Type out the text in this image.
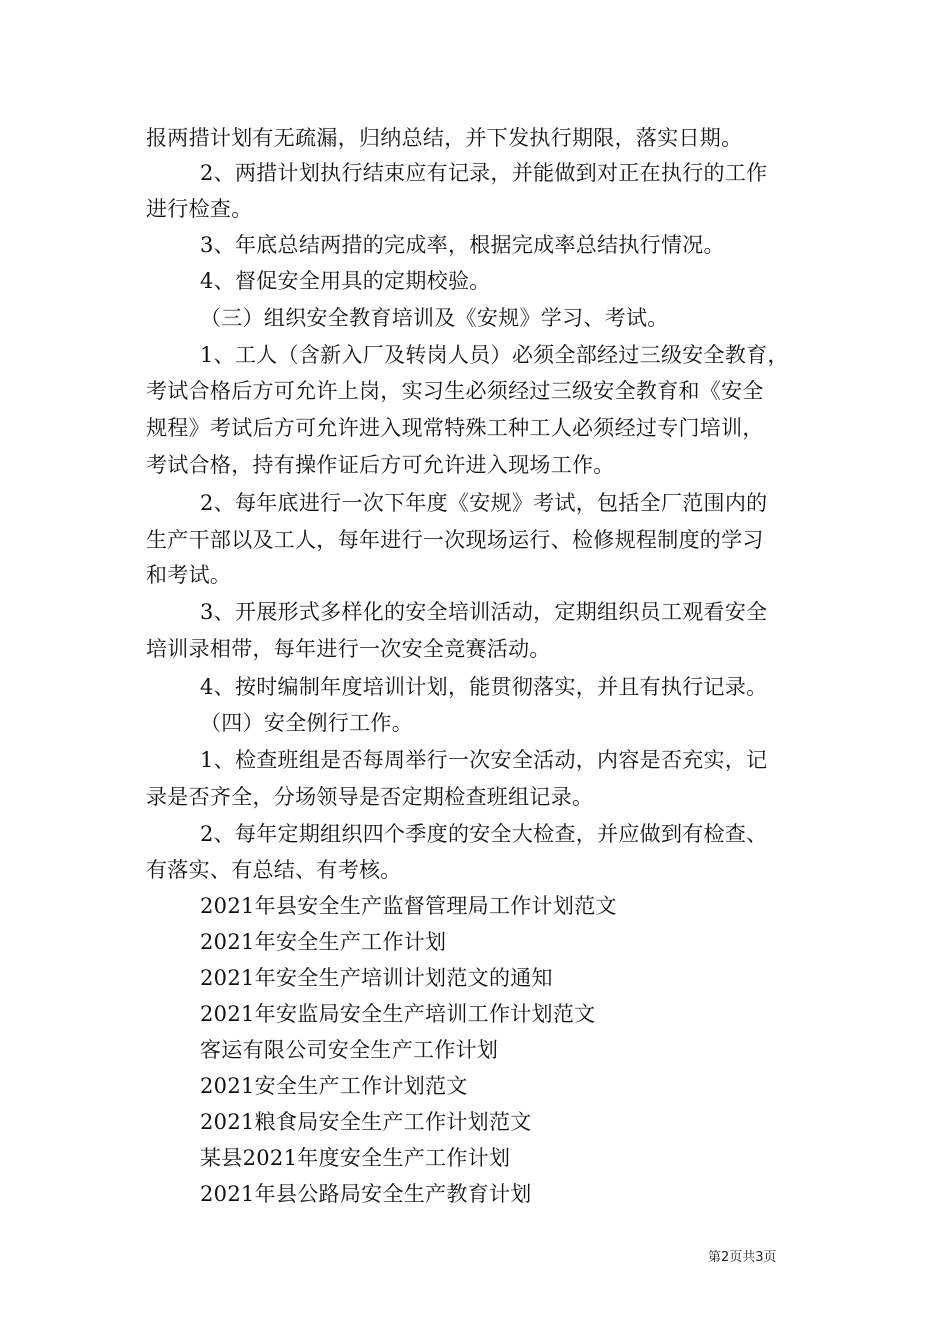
报两措计划有无疏漏，归纳总结，并下发执行期限，落实日期。
2、两措计划执行结束应有记录，并能做到对正在执行的工作
进行检查。
3、年底总结两措的完成率，根据完成率总结执行情况。
4、督促安全用具的定期校验。
（三）组织安全教育培训及《安规》学习、考试。
1、工人（含新入厂及转岗人员）必须全部经过三级安全教育，
考试合格后方可允许上岗，实习生必须经过三级安全教育和《安全
规程》考试后方可允许进入现常特殊工种工人必须经过专门培训，
考试合格，持有操作证后方可允许进入现场工作。
2、每年底进行一次下年度《安规》考试，包括全厂范围内的
生产干部以及工人，每年进行一次现场运行、检修规程制度的学习
和考试。
3、开展形式多样化的安全培训活动，定期组织员工观看安全
培训录相带，每年进行一次安全竞赛活动。
4、按时编制年度培训计划，能贯彻落实，并且有执行记录。
（四）安全例行工作。
1、检查班组是否每周举行一次安全活动，内容是否充实，记
录是否齐全，分场领导是否定期检查班组记录。
2、每年定期组织四个季度的安全大检查，并应做到有检查、
有落实、有总结、有考核。
2021年县安全生产监督管理局工作计划范文
2021年安全生产工作计划
2021年安全生产培训计划范文的通知
2021年安监局安全生产培训工作计划范文
客运有限公司安全生产工作计划
2021安全生产工作计划范文
2021粮食局安全生产工作计划范文
某县2021年度安全生产工作计划
2021年县公路局安全生产教育计划
第2页共3页
